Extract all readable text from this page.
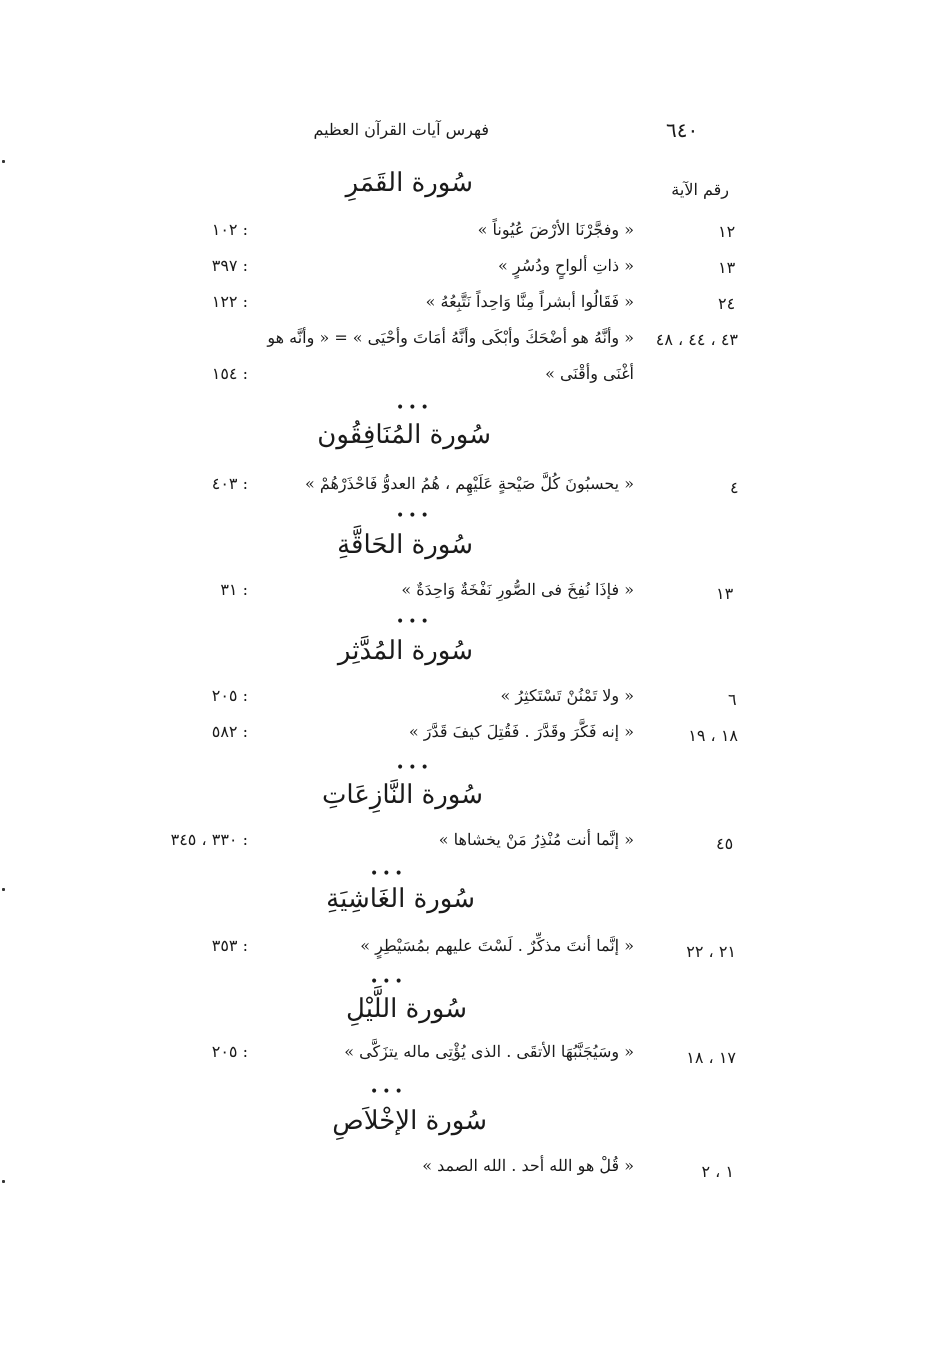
٦٤٠
فهرس آيات القرآن العظيم
رقم الآية
سُورة القَمَرِ
١٢
« وفجَّرْنَا الأرْضَ عُيُوناً »
: ١٠٢
١٣
« ذاتِ ألواحٍ ودُسُرٍ »
: ٣٩٧
٢٤
« فَقَالُوا أبشراً مِنَّا وَاحِداً نَتَّبِعُهُ »
: ١٢٢
٤٣ ، ٤٤ ، ٤٨
« وأنَّهُ هو أضْحَكَ وأبْكَى وأنَّهُ أمَاتَ وأحْيَى » = « وأنَّه هو
أغْنَى وأقْنَى »
: ١٥٤
•••
سُورة المُنَافِقُون
٤
« يحسبُونَ كُلَّ صَيْحةٍ عَلَيْهِم ، هُمُ العدوُّ فَاحْذَرْهُمْ »
: ٤٠٣
•••
سُورة الحَاقَّةِ
١٣
« فإذَا نُفِخَ فى الصُّورِ نَفْخَةٌ وَاحِدَةٌ »
: ٣١
•••
سُورة المُدَّثِر
٦
« ولا تَمْنُنْ تَسْتَكثِرُ »
: ٢٠٥
١٨ ، ١٩
« إنه فَكَّرَ وقَدَّرَ . فَقُتِلَ كيفَ قَدَّرَ »
: ٥٨٢
•••
سُورة النَّازِعَاتِ
٤٥
« إنَّما أنت مُنْذِرُ مَنْ يخشاها »
: ٣٣٠ ، ٣٤٥
•••
سُورة الغَاشِيَةِ
٢١ ، ٢٢
« إنَّما أنتَ مذكِّرٌ . لَسْتَ عليهم بمُسَيْطِرٍ »
: ٣٥٣
•••
سُورة اللَّيْلِ
١٧ ، ١٨
« وسَيُجَنَّبُهَا الأتقَى . الذى يُؤْتِى ماله يتزَكَّى »
: ٢٠٥
•••
سُورة الإخْلاَصِ
١ ، ٢
« قُلْ هو الله أحد . الله الصمد »
